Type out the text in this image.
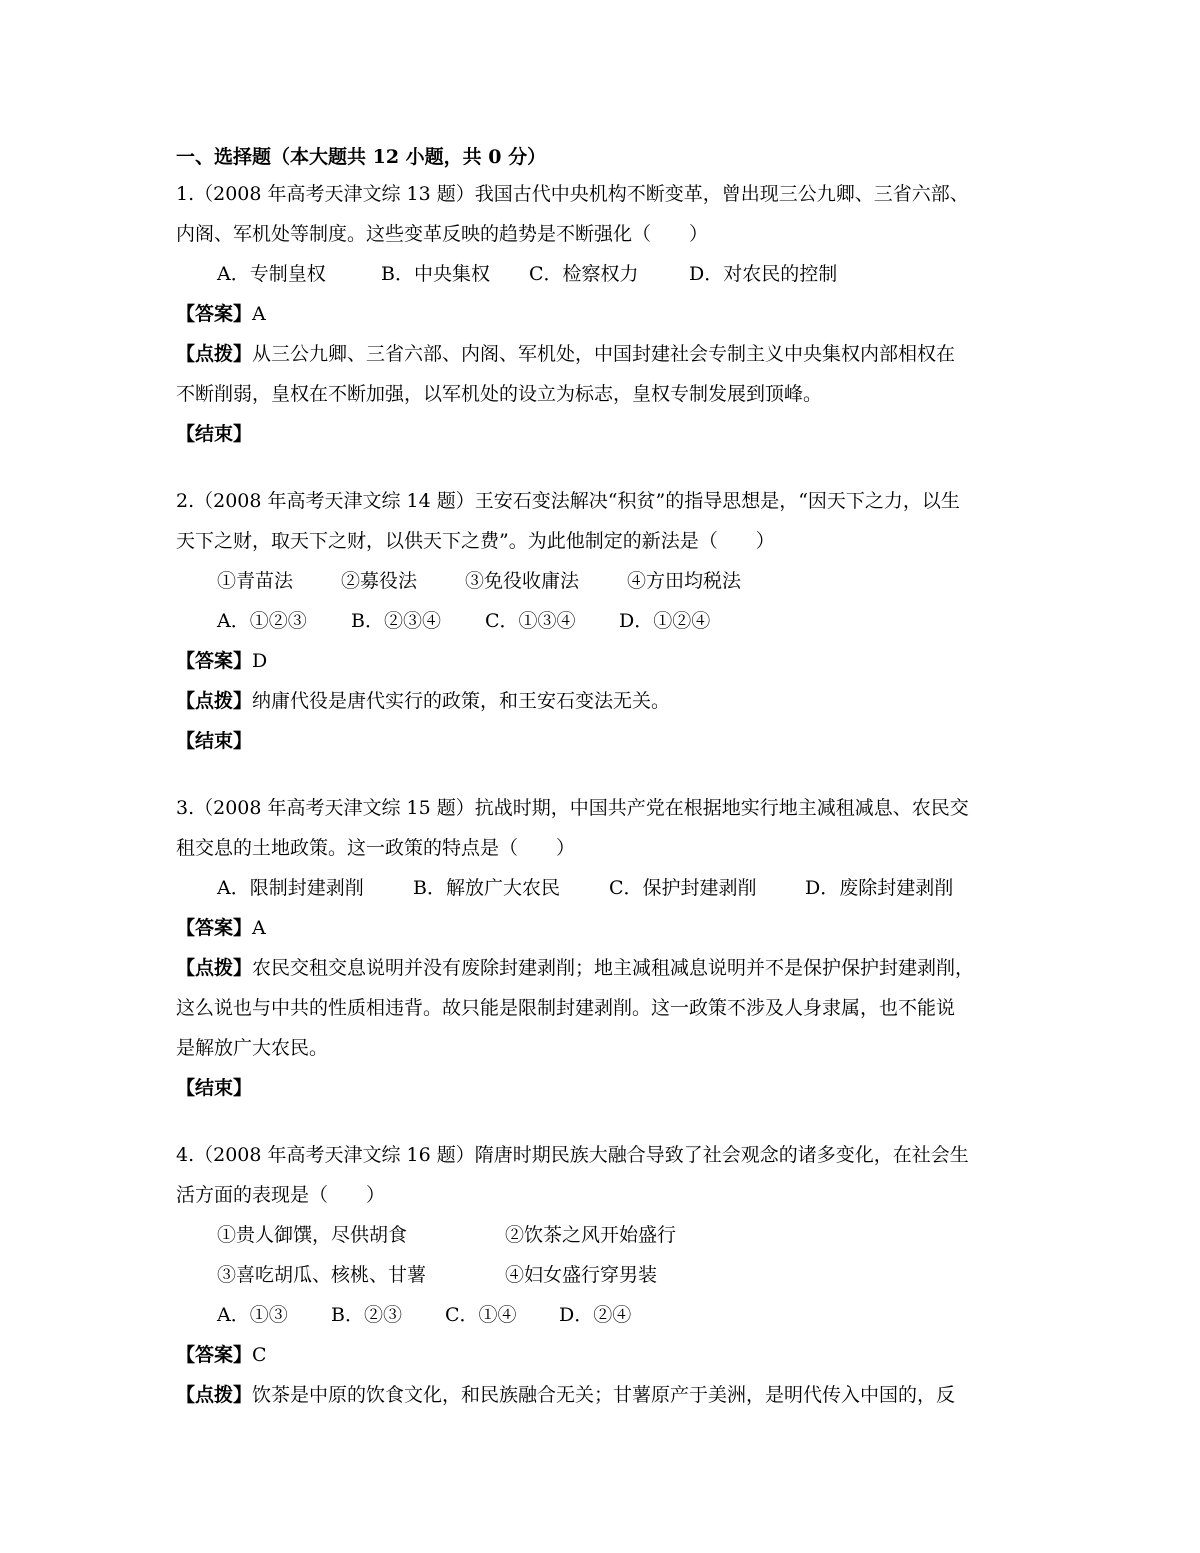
一、选择题（本大题共 12 小题，共 0 分）
1.（2008 年高考天津文综 13 题）我国古代中央机构不断变革，曾出现三公九卿、三省六部、
内阁、军机处等制度。这些变革反映的趋势是不断强化（　　）
A．专制皇权	B．中央集权 C．检察权力	D．对农民的控制
【答案】A
【点拨】从三公九卿、三省六部、内阁、军机处，中国封建社会专制主义中央集权内部相权在
不断削弱，皇权在不断加强，以军机处的设立为标志，皇权专制发展到顶峰。
【结束】
2.（2008 年高考天津文综 14 题）王安石变法解决“积贫”的指导思想是，“因天下之力，以生
天下之财，取天下之财，以供天下之费”。为此他制定的新法是（　　）
①青苗法	②募役法	③免役收庸法	④方田均税法
A．①②③ B．②③④ C．①③④ D．①②④
【答案】D
【点拨】纳庸代役是唐代实行的政策，和王安石变法无关。
【结束】
3.（2008 年高考天津文综 15 题）抗战时期，中国共产党在根据地实行地主减租减息、农民交
租交息的土地政策。这一政策的特点是（　　）
A．限制封建剥削	B．解放广大农民	C．保护封建剥削	D．废除封建剥削
【答案】A
【点拨】农民交租交息说明并没有废除封建剥削；地主减租减息说明并不是保护保护封建剥削，
这么说也与中共的性质相违背。故只能是限制封建剥削。这一政策不涉及人身隶属，也不能说
是解放广大农民。
【结束】
4.（2008 年高考天津文综 16 题）隋唐时期民族大融合导致了社会观念的诸多变化，在社会生
活方面的表现是（　　）
①贵人御馔，尽供胡食	②饮茶之风开始盛行
③喜吃胡瓜、核桃、甘薯	④妇女盛行穿男装
A．①③ B．②③ C．①④ D．②④
【答案】C
【点拨】饮茶是中原的饮食文化，和民族融合无关；甘薯原产于美洲，是明代传入中国的，反
